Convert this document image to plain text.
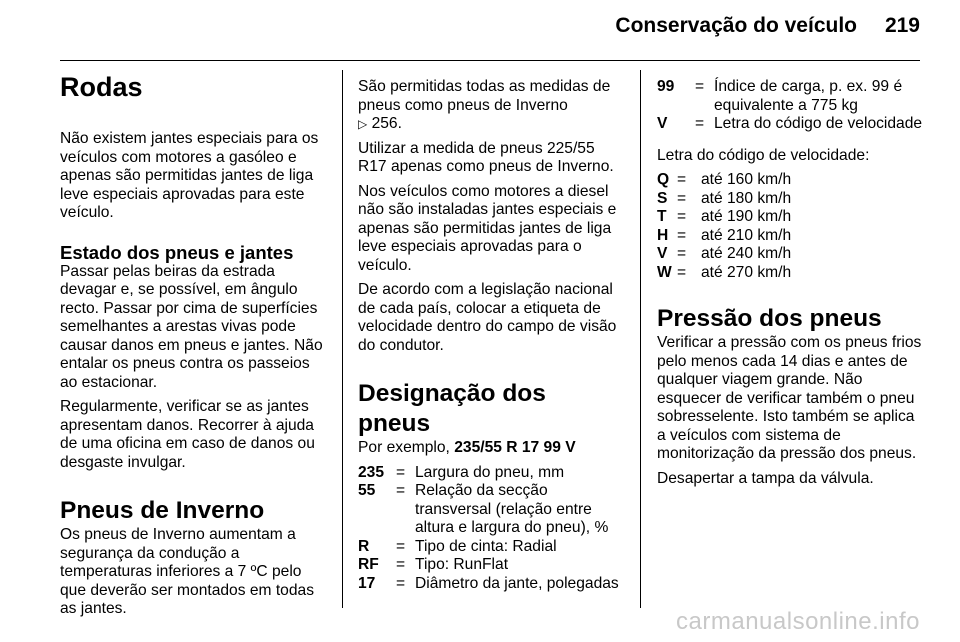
Conservação do veículo 219
Rodas

Não existem jantes especiais para os veículos com motores a gasóleo e apenas são permitidas jantes de liga leve especiais aprovadas para este veículo.

Estado dos pneus e jantes

Passar pelas beiras da estrada devagar e, se possível, em ângulo recto. Passar por cima de superfícies semelhantes a arestas vivas pode causar danos em pneus e jantes. Não entalar os pneus contra os passeios ao estacionar.

Regularmente, verificar se as jantes apresentam danos. Recorrer à ajuda de uma oficina em caso de danos ou desgaste invulgar.

Pneus de Inverno

Os pneus de Inverno aumentam a segurança da condução a temperaturas inferiores a 7 ºC pelo que deverão ser montados em todas as jantes.

São permitidas todas as medidas de pneus como pneus de Inverno
▷ 256.

Utilizar a medida de pneus 225/55 R17 apenas como pneus de Inverno.

Nos veículos como motores a diesel não são instaladas jantes especiais e apenas são permitidas jantes de liga leve especiais aprovadas para o veículo.

De acordo com a legislação nacional de cada país, colocar a etiqueta de velocidade dentro do campo de visão do condutor.

Designação dos pneus

Por exemplo, 235/55 R 17 99 V

235 = Largura do pneu, mm
55	= Relação da secção transversal (relação entre altura e largura do pneu), %
R	= Tipo de cinta: Radial
RF	= Tipo: RunFlat
17	= Diâmetro da jante, polegadas
99	= Índice de carga, p. ex. 99 é equivalente a 775 kg
V	= Letra do código de velocidade

Letra do código de velocidade:

Q = até 160 km/h
S = até 180 km/h
T = até 190 km/h
H = até 210 km/h
V = até 240 km/h
W = até 270 km/h
Pressão dos pneus

Verificar a pressão com os pneus frios pelo menos cada 14 dias e antes de qualquer viagem grande. Não esquecer de verificar também o pneu sobresselente. Isto também se aplica a veículos com sistema de monitorização da pressão dos pneus.

Desapertar a tampa da válvula.

carmanualsonline.info
